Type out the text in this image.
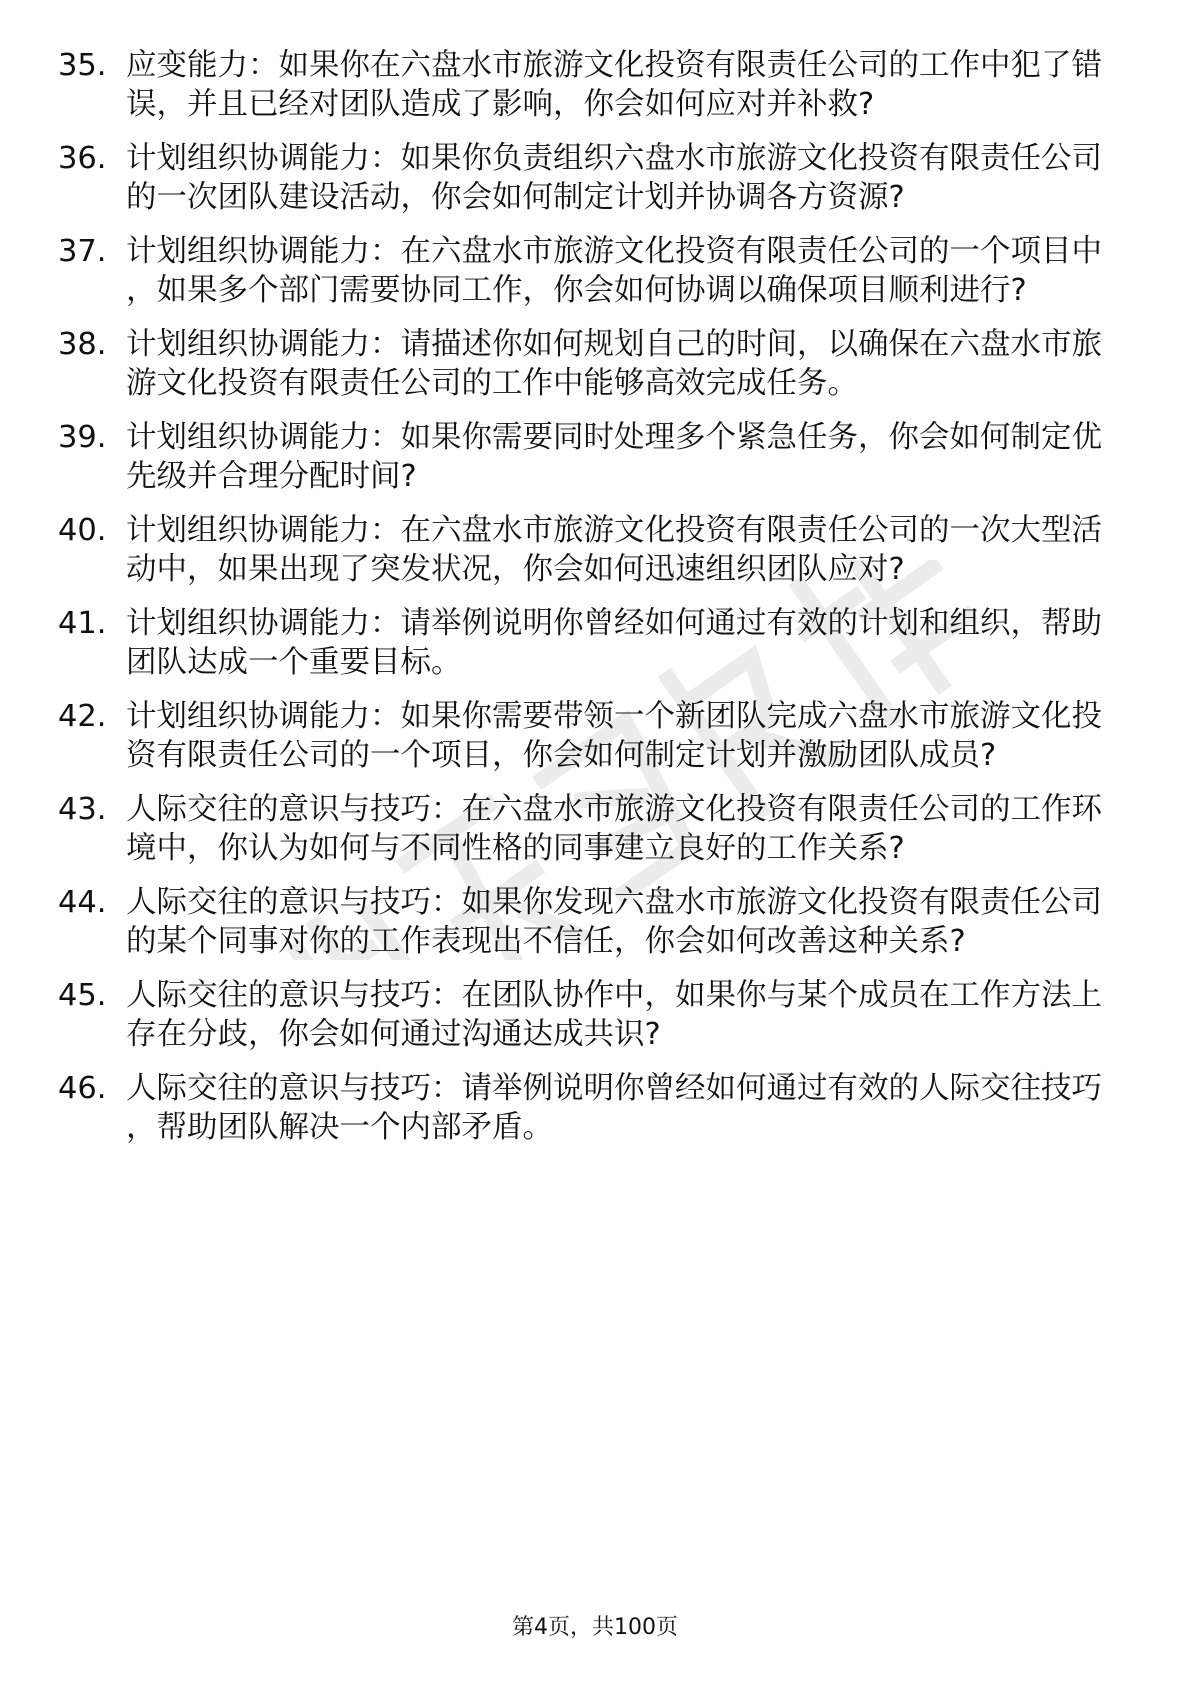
35. 应变能力：如果你在六盘水市旅游文化投资有限责任公司的工作中犯了错误，并且已经对团队造成了影响，你会如何应对并补救?
36. 计划组织协调能力：如果你负责组织六盘水市旅游文化投资有限责任公司的一次团队建设活动，你会如何制定计划并协调各方资源?
37. 计划组织协调能力：在六盘水市旅游文化投资有限责任公司的一个项目中，如果多个部门需要协同工作，你会如何协调以确保项目顺利进行?
38. 计划组织协调能力：请描述你如何规划自己的时间，以确保在六盘水市旅游文化投资有限责任公司的工作中能够高效完成任务。
39. 计划组织协调能力：如果你需要同时处理多个紧急任务，你会如何制定优先级并合理分配时间?
40. 计划组织协调能力：在六盘水市旅游文化投资有限责任公司的一次大型活动中，如果出现了突发状况，你会如何迅速组织团队应对?
41. 计划组织协调能力：请举例说明你曾经如何通过有效的计划和组织，帮助团队达成一个重要目标。
42. 计划组织协调能力：如果你需要带领一个新团队完成六盘水市旅游文化投资有限责任公司的一个项目，你会如何制定计划并激励团队成员?
43. 人际交往的意识与技巧：在六盘水市旅游文化投资有限责任公司的工作环境中，你认为如何与不同性格的同事建立良好的工作关系?
44. 人际交往的意识与技巧：如果你发现六盘水市旅游文化投资有限责任公司的某个同事对你的工作表现出不信任，你会如何改善这种关系?
45. 人际交往的意识与技巧：在团队协作中，如果你与某个成员在工作方法上存在分歧，你会如何通过沟通达成共识?
46. 人际交往的意识与技巧：请举例说明你曾经如何通过有效的人际交往技巧，帮助团队解决一个内部矛盾。
第4页，共100页
